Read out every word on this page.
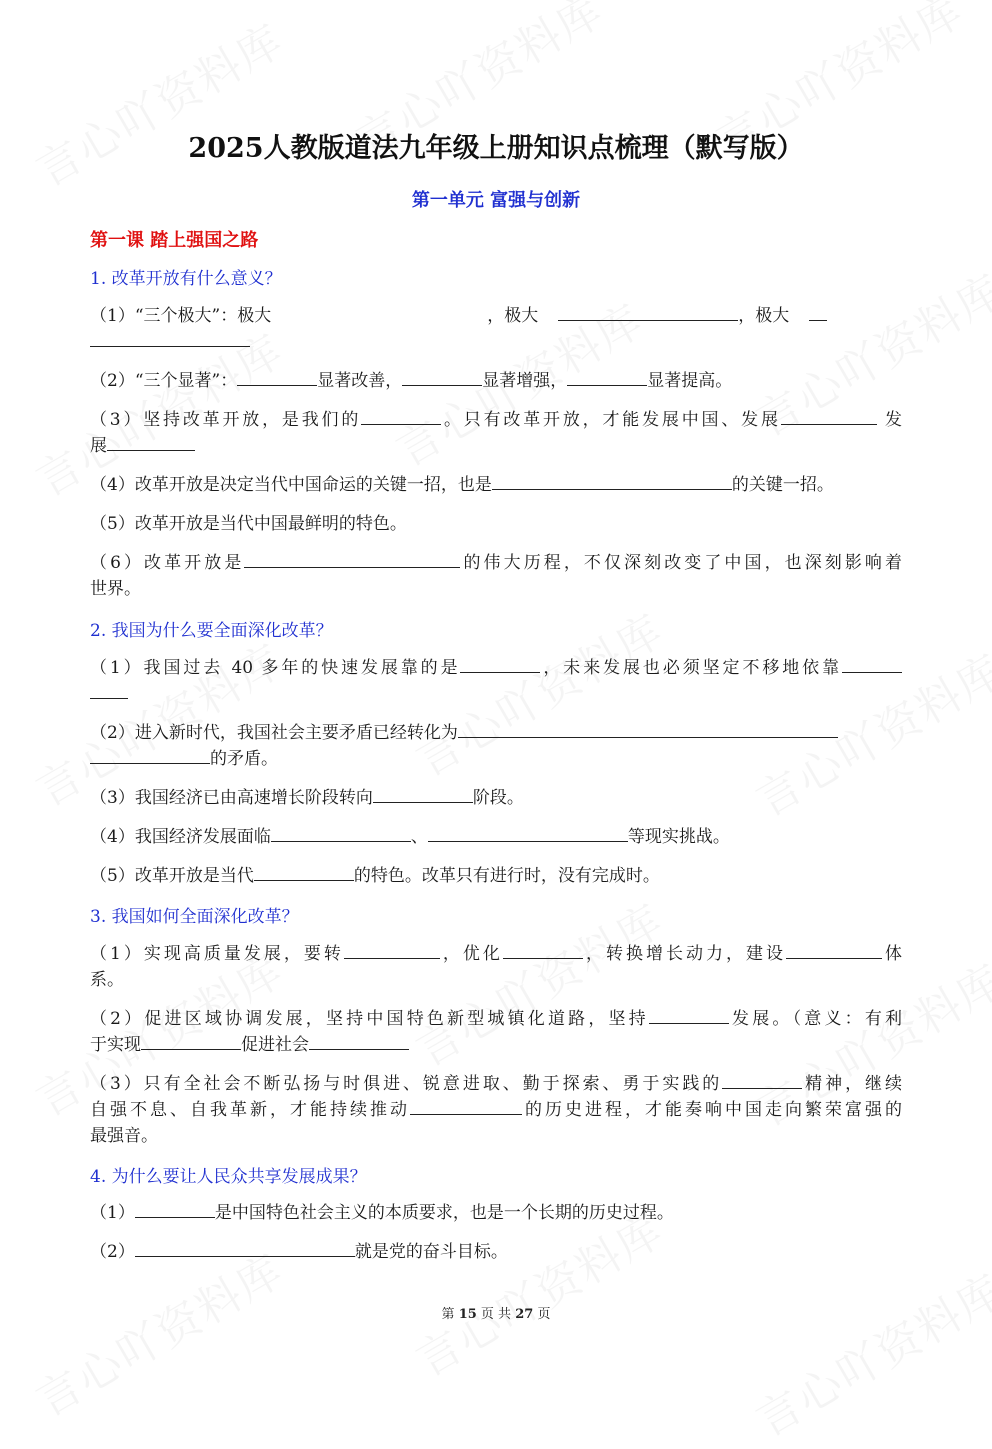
2025人教版道法九年级上册知识点梳理（默写版）
第一单元 富强与创新
第一课 踏上强国之路
1. 改革开放有什么意义？
（1）“三个极大”：极大	，极大	，极大
（2）“三个显著”：	显著改善，	显著增强，	显著提高。
（3）坚持改革开放，是我们的	。只有改革开放，才能发展中国、发展	发
展
（4）改革开放是决定当代中国命运的关键一招，也是	的关键一招。
（5）改革开放是当代中国最鲜明的特色。
（6）改革开放是	的伟大历程，不仅深刻改变了中国，也深刻影响着
世界。
2. 我国为什么要全面深化改革？
（1）我国过去 40 多年的快速发展靠的是	，未来发展也必须坚定不移地依靠
（2）进入新时代，我国社会主要矛盾已经转化为
的矛盾。
（3）我国经济已由高速增长阶段转向	阶段。
（4）我国经济发展面临	、	等现实挑战。
（5）改革开放是当代	的特色。改革只有进行时，没有完成时。
3. 我国如何全面深化改革？
（1）实现高质量发展，要转	，优化	，转换增长动力，建设	体
系。
（2）促进区域协调发展，坚持中国特色新型城镇化道路，坚持	发展。（意义：有利
于实现	促进社会
（3）只有全社会不断弘扬与时俱进、锐意进取、勤于探索、勇于实践的	精神，继续
自强不息、自我革新，才能持续推动	的历史进程，才能奏响中国走向繁荣富强的
最强音。
4. 为什么要让人民众共享发展成果？
（1）	是中国特色社会主义的本质要求，也是一个长期的历史过程。
（2）	就是党的奋斗目标。
第 15 页 共 27 页
